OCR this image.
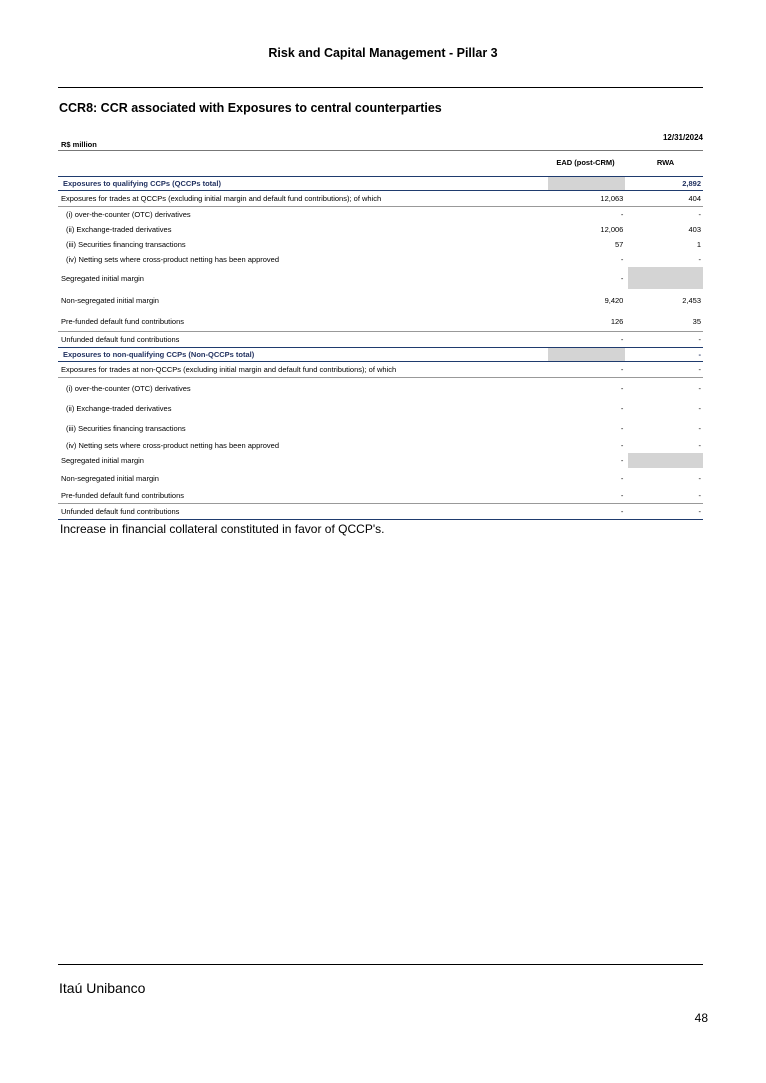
Risk and Capital Management - Pillar 3
CCR8: CCR associated with Exposures to central counterparties
12/31/2024
R$ million
EAD (post-CRM)	RWA
Exposures to qualifying CCPs (QCCPs total)			2,892
Exposures for trades at QCCPs (excluding initial margin and default fund contributions); of which	12,063		404
(i) over-the-counter (OTC) derivatives	-		-
(ii) Exchange-traded derivatives	12,006		403
(iii) Securities financing transactions	57		1
(iv) Netting sets where cross-product netting has been approved	-		-
Segregated initial margin	-		
Non-segregated initial margin	9,420		2,453
Pre-funded default fund contributions	126		35
Unfunded default fund contributions	-		-
Exposures to non-qualifying CCPs (Non-QCCPs total)			-
Exposures for trades at non-QCCPs (excluding initial margin and default fund contributions); of which	-		-
(i) over-the-counter (OTC) derivatives	-		-
(ii) Exchange-traded derivatives	-		-
(iii) Securities financing transactions	-		-
(iv) Netting sets where cross-product netting has been approved	-		-
Segregated initial margin	-		
Non-segregated initial margin	-		-
Pre-funded default fund contributions	-		-
Unfunded default fund contributions	-		-
Increase in financial collateral constituted in favor of QCCP's.
Itaú Unibanco
48
